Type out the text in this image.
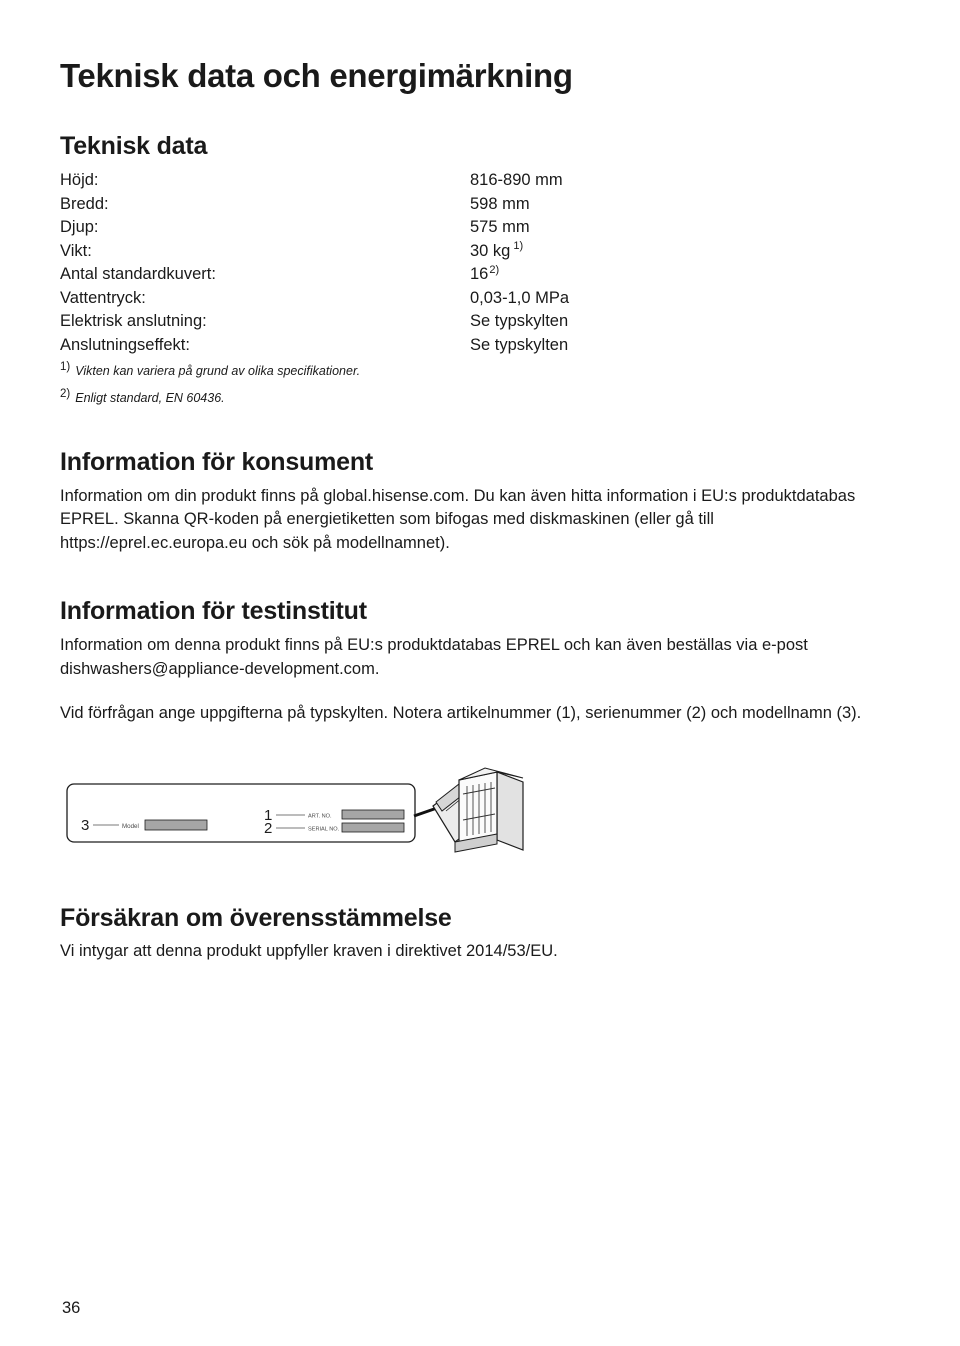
Teknisk data och energimärkning
Teknisk data
Höjd:	816-890 mm
Bredd:	598 mm
Djup:	575 mm
Vikt:	30 kg $^{1)}$
Antal standardkuvert:	16$^{2)}$
Vattentryck:	0,03-1,0 MPa
Elektrisk anslutning:	Se typskylten
Anslutningseffekt:	Se typskylten
1) Vikten kan variera på grund av olika specifikationer.
2) Enligt standard, EN 60436.
Information för konsument

Information om din produkt finns på global.hisense.com. Du kan även hitta information i EU:s produktdatabas EPREL. Skanna QR-koden på energietiketten som bifogas med diskmaskinen (eller gå till https://eprel.ec.europa.eu och sök på modellnamnet).

Information för testinstitut

Information om denna produkt finns på EU:s produktdatabas EPREL och kan även beställas via e-post dishwashers@appliance-development.com.

Vid förfrågan ange uppgifterna på typskylten. Notera artikelnummer (1), serienummer (2) och modellnamn (3).

3	Model
1	ART. NO.
2	SERIAL NO.
Försäkran om överensstämmelse

Vi intygar att denna produkt uppfyller kraven i direktivet 2014/53/EU.

36
